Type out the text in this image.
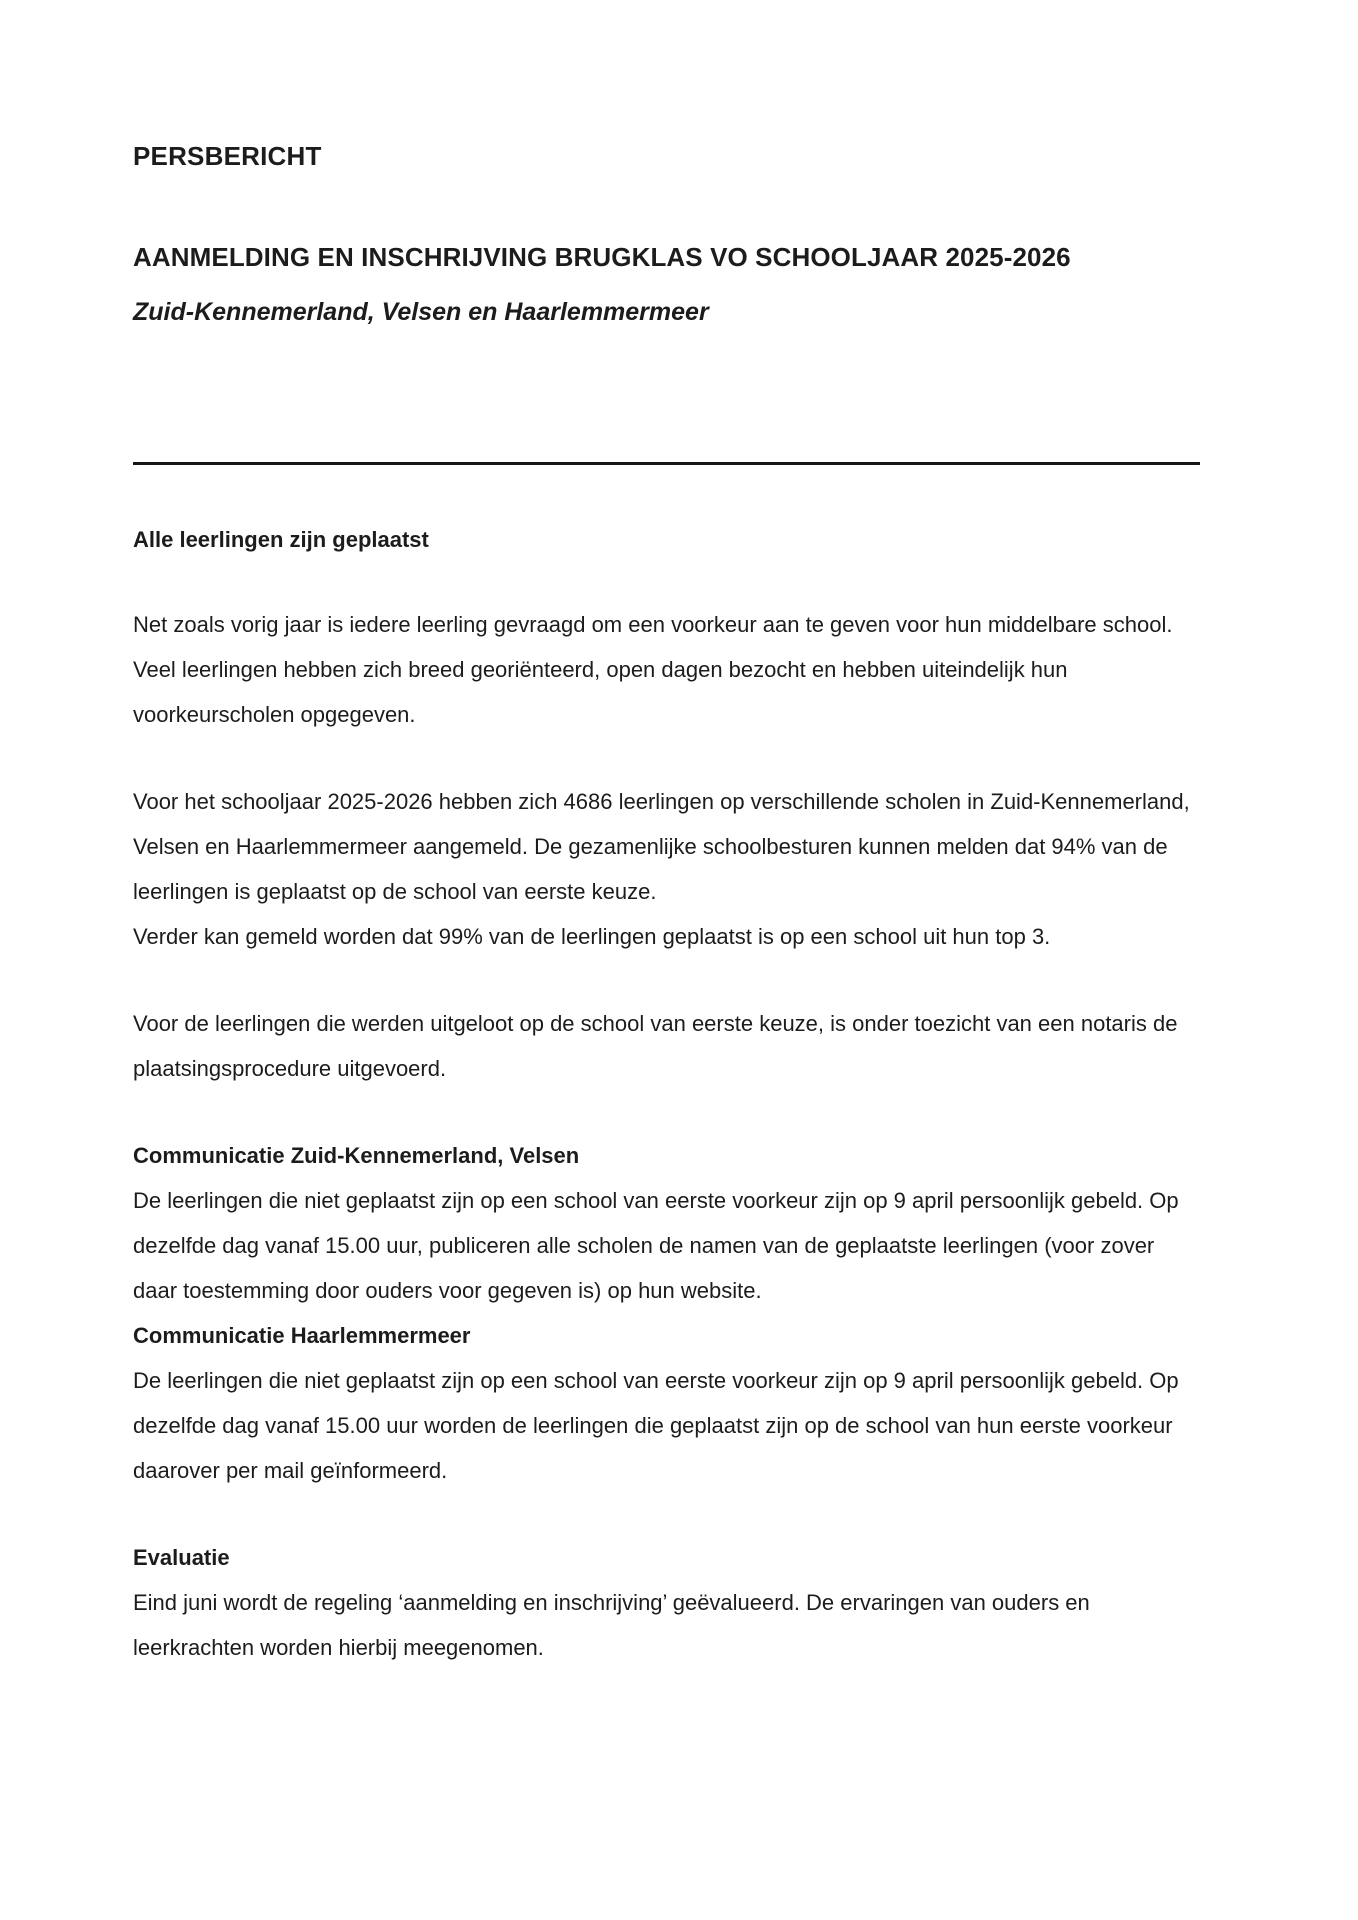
PERSBERICHT
AANMELDING EN INSCHRIJVING BRUGKLAS VO SCHOOLJAAR 2025-2026
Zuid-Kennemerland, Velsen en Haarlemmermeer
Alle leerlingen zijn geplaatst

Net zoals vorig jaar is iedere leerling gevraagd om een voorkeur aan te geven voor hun middelbare school. Veel leerlingen hebben zich breed georiënteerd, open dagen bezocht en hebben uiteindelijk hun voorkeurscholen opgegeven.

Voor het schooljaar 2025-2026 hebben zich 4686 leerlingen op verschillende scholen in Zuid-Kennemerland, Velsen en Haarlemmermeer aangemeld. De gezamenlijke schoolbesturen kunnen melden dat 94% van de leerlingen is geplaatst op de school van eerste keuze.

Verder kan gemeld worden dat 99% van de leerlingen geplaatst is op een school uit hun top 3.

Voor de leerlingen die werden uitgeloot op de school van eerste keuze, is onder toezicht van een notaris de plaatsingsprocedure uitgevoerd.

Communicatie Zuid-Kennemerland, Velsen

De leerlingen die niet geplaatst zijn op een school van eerste voorkeur zijn op 9 april persoonlijk gebeld. Op dezelfde dag vanaf 15.00 uur, publiceren alle scholen de namen van de geplaatste leerlingen (voor zover daar toestemming door ouders voor gegeven is) op hun website.

Communicatie Haarlemmermeer

De leerlingen die niet geplaatst zijn op een school van eerste voorkeur zijn op 9 april persoonlijk gebeld. Op dezelfde dag vanaf 15.00 uur worden de leerlingen die geplaatst zijn op de school van hun eerste voorkeur daarover per mail geïnformeerd.

Evaluatie

Eind juni wordt de regeling ‘aanmelding en inschrijving’ geëvalueerd. De ervaringen van ouders en leerkrachten worden hierbij meegenomen.
